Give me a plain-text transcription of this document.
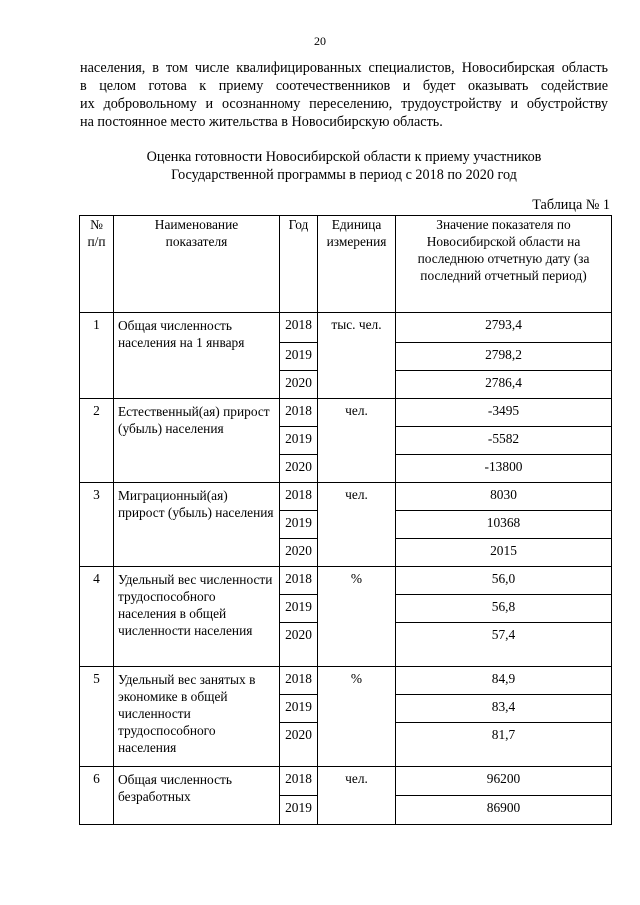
20
населения, в том числе квалифицированных специалистов, Новосибирская область
в целом готова к приему соотечественников и будет оказывать содействие
их добровольному и осознанному переселению, трудоустройству и обустройству
на постоянное место жительства в Новосибирскую область.
Оценка готовности Новосибирской области к приему участников
Государственной программы в период с 2018 по 2020 год
Таблица № 1
№ п/п	Наименование показателя	Год	Единица измерения	Значение показателя по Новосибирской области на последнюю отчетную дату (за последний отчетный период)
1	Общая численность населения на 1 января	2018	тыс. чел.	2793,4
		2019		2798,2
		2020		2786,4
2	Естественный(ая) прирост (убыль) населения	2018	чел.	-3495
		2019		-5582
		2020		-13800
3	Миграционный(ая) прирост (убыль) населения	2018	чел.	8030
		2019		10368
		2020		2015
4	Удельный вес численности трудоспособного населения в общей численности населения	2018	%	56,0
		2019		56,8
		2020		57,4
5	Удельный вес занятых в экономике в общей численности трудоспособного населения	2018	%	84,9
		2019		83,4
		2020		81,7
6	Общая численность безработных	2018	чел.	96200
		2019		86900
